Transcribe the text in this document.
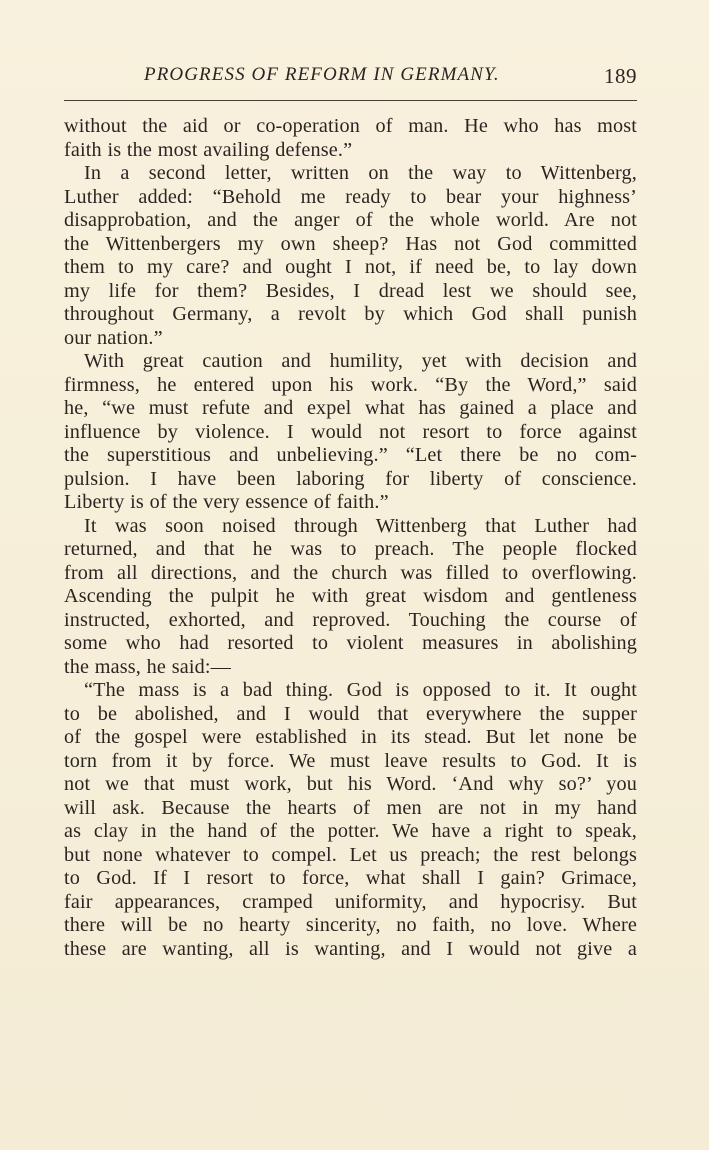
PROGRESS OF REFORM IN GERMANY.	189
without the aid or co-operation of man. He who has most
faith is the most availing defense.”
In a second letter, written on the way to Wittenberg,
Luther added: “Behold me ready to bear your highness’
disapprobation, and the anger of the whole world. Are not
the Wittenbergers my own sheep? Has not God committed
them to my care? and ought I not, if need be, to lay down
my life for them? Besides, I dread lest we should see,
throughout Germany, a revolt by which God shall punish
our nation.”
With great caution and humility, yet with decision and
firmness, he entered upon his work. “By the Word,” said
he, “we must refute and expel what has gained a place and
influence by violence. I would not resort to force against
the superstitious and unbelieving.” “Let there be no com-
pulsion. I have been laboring for liberty of conscience.
Liberty is of the very essence of faith.”
It was soon noised through Wittenberg that Luther had
returned, and that he was to preach. The people flocked
from all directions, and the church was filled to overflowing.
Ascending the pulpit he with great wisdom and gentleness
instructed, exhorted, and reproved. Touching the course of
some who had resorted to violent measures in abolishing
the mass, he said:—
“The mass is a bad thing. God is opposed to it. It ought
to be abolished, and I would that everywhere the supper
of the gospel were established in its stead. But let none be
torn from it by force. We must leave results to God. It is
not we that must work, but his Word. ‘And why so?’ you
will ask. Because the hearts of men are not in my hand
as clay in the hand of the potter. We have a right to speak,
but none whatever to compel. Let us preach; the rest belongs
to God. If I resort to force, what shall I gain? Grimace,
fair appearances, cramped uniformity, and hypocrisy. But
there will be no hearty sincerity, no faith, no love. Where
these are wanting, all is wanting, and I would not give a
